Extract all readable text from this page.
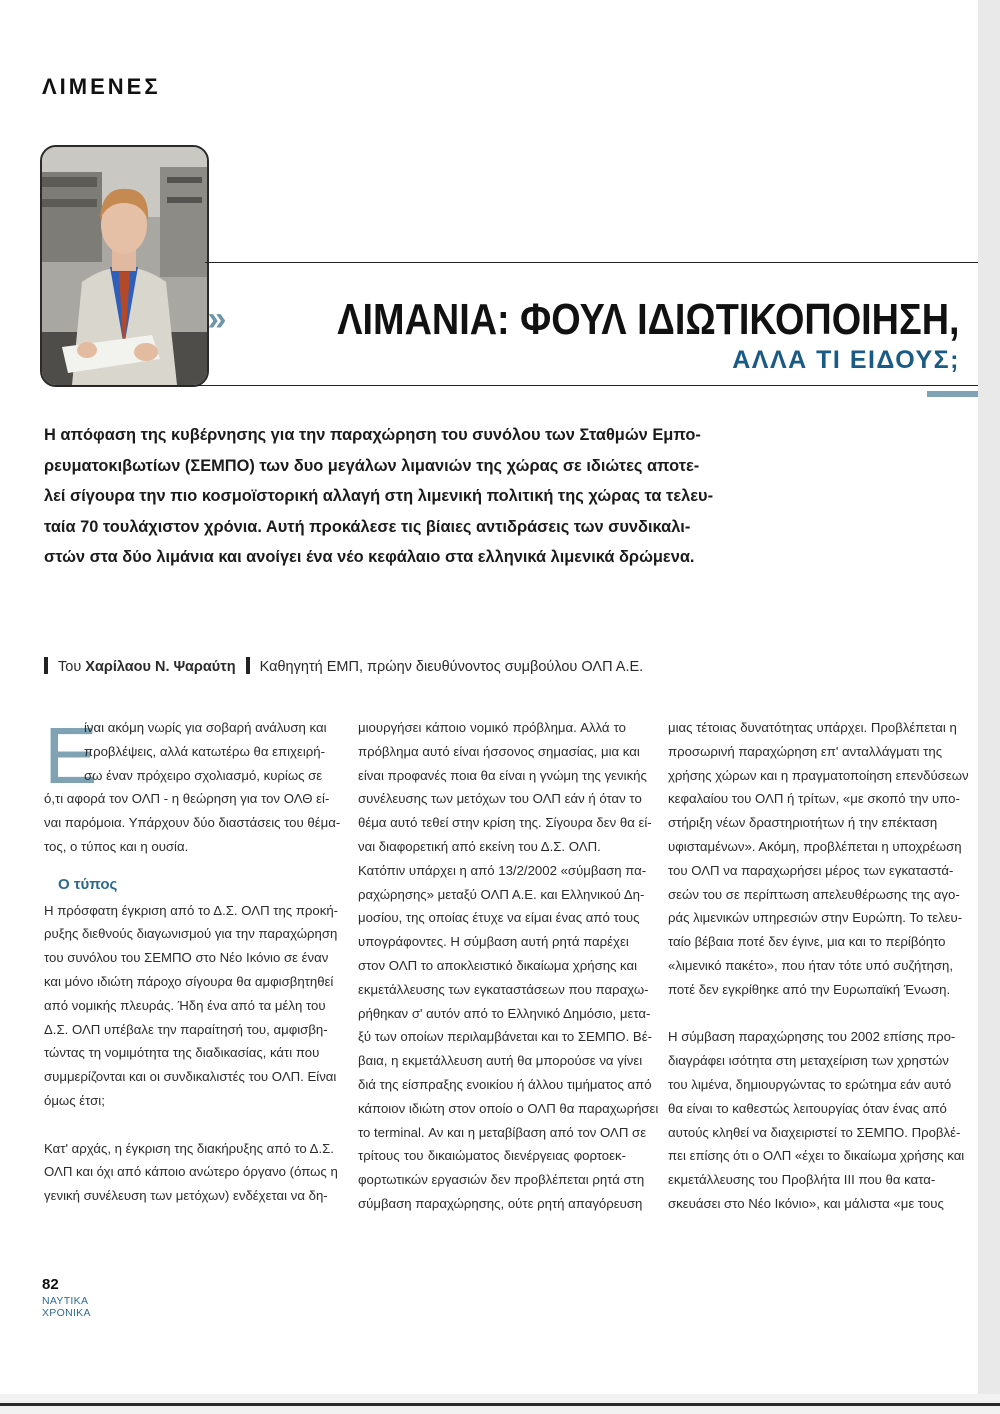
ΛΙΜΕΝΕΣ
»	ΛΙΜΑΝΙΑ: ΦΟΥΛ ΙΔΙΩΤΙΚΟΠΟΙΗΣΗ,
ΑΛΛΑ ΤΙ ΕΙΔΟΥΣ;

Η απόφαση της κυβέρνησης για την παραχώρηση του συνόλου των Σταθμών Εμπο-
ρευματοκιβωτίων (ΣΕΜΠΟ) των δυο μεγάλων λιμανιών της χώρας σε ιδιώτες αποτε-
λεί σίγουρα την πιο κοσμοϊστορική αλλαγή στη λιμενική πολιτική της χώρας τα τελευ-
ταία 70 τουλάχιστον χρόνια. Αυτή προκάλεσε τις βίαιες αντιδράσεις των συνδικαλι-
στών στα δύο λιμάνια και ανοίγει ένα νέο κεφάλαιο στα ελληνικά λιμενικά δρώμενα.

Του Χαρίλαου Ν. Ψαραύτη Καθηγητή ΕΜΠ, πρώην διευθύνοντος συμβούλου ΟΛΠ Α.Ε.

Ε
ίναι ακόμη νωρίς για σοβαρή ανάλυση και
προβλέψεις, αλλά κατωτέρω θα επιχειρή-
σω έναν πρόχειρο σχολιασμό, κυρίως σε
ό,τι αφορά τον ΟΛΠ - η θεώρηση για τον ΟΛΘ εί-
ναι παρόμοια. Υπάρχουν δύο διαστάσεις του θέμα-
τος, ο τύπος και η ουσία.
Ο τύπος
Η πρόσφατη έγκριση από το Δ.Σ. ΟΛΠ της προκή-
ρυξης διεθνούς διαγωνισμού για την παραχώρηση
του συνόλου του ΣΕΜΠΟ στο Νέο Ικόνιο σε έναν
και μόνο ιδιώτη πάροχο σίγουρα θα αμφισβητηθεί
από νομικής πλευράς. Ήδη ένα από τα μέλη του
Δ.Σ. ΟΛΠ υπέβαλε την παραίτησή του, αμφισβη-
τώντας τη νομιμότητα της διαδικασίας, κάτι που
συμμερίζονται και οι συνδικαλιστές του ΟΛΠ. Είναι
όμως έτσι;
Κατ' αρχάς, η έγκριση της διακήρυξης από το Δ.Σ.
ΟΛΠ και όχι από κάποιο ανώτερο όργανο (όπως η
γενική συνέλευση των μετόχων) ενδέχεται να δη-
μιουργήσει κάποιο νομικό πρόβλημα. Αλλά το
πρόβλημα αυτό είναι ήσσονος σημασίας, μια και
είναι προφανές ποια θα είναι η γνώμη της γενικής
συνέλευσης των μετόχων του ΟΛΠ εάν ή όταν το
θέμα αυτό τεθεί στην κρίση της. Σίγουρα δεν θα εί-
ναι διαφορετική από εκείνη του Δ.Σ. ΟΛΠ.
Κατόπιν υπάρχει η από 13/2/2002 «σύμβαση πα-
ραχώρησης» μεταξύ ΟΛΠ Α.Ε. και Ελληνικού Δη-
μοσίου, της οποίας έτυχε να είμαι ένας από τους
υπογράφοντες. Η σύμβαση αυτή ρητά παρέχει
στον ΟΛΠ το αποκλειστικό δικαίωμα χρήσης και
εκμετάλλευσης των εγκαταστάσεων που παραχω-
ρήθηκαν σ' αυτόν από το Ελληνικό Δημόσιο, μετα-
ξύ των οποίων περιλαμβάνεται και το ΣΕΜΠΟ. Βέ-
βαια, η εκμετάλλευση αυτή θα μπορούσε να γίνει
διά της είσπραξης ενοικίου ή άλλου τιμήματος από
κάποιον ιδιώτη στον οποίο ο ΟΛΠ θα παραχωρήσει
το terminal. Αν και η μεταβίβαση από τον ΟΛΠ σε
τρίτους του δικαιώματος διενέργειας φορτοεκ-
φορτωτικών εργασιών δεν προβλέπεται ρητά στη
σύμβαση παραχώρησης, ούτε ρητή απαγόρευση
μιας τέτοιας δυνατότητας υπάρχει. Προβλέπεται η
προσωρινή παραχώρηση επ' ανταλλάγματι της
χρήσης χώρων και η πραγματοποίηση επενδύσεων
κεφαλαίου του ΟΛΠ ή τρίτων, «με σκοπό την υπο-
στήριξη νέων δραστηριοτήτων ή την επέκταση
υφισταμένων». Ακόμη, προβλέπεται η υποχρέωση
του ΟΛΠ να παραχωρήσει μέρος των εγκαταστά-
σεών του σε περίπτωση απελευθέρωσης της αγο-
ράς λιμενικών υπηρεσιών στην Ευρώπη. Το τελευ-
ταίο βέβαια ποτέ δεν έγινε, μια και το περίβόητο
«λιμενικό πακέτο», που ήταν τότε υπό συζήτηση,
ποτέ δεν εγκρίθηκε από την Ευρωπαϊκή Ένωση.
Η σύμβαση παραχώρησης του 2002 επίσης προ-
διαγράφει ισότητα στη μεταχείριση των χρηστών
του λιμένα, δημιουργώντας το ερώτημα εάν αυτό
θα είναι το καθεστώς λειτουργίας όταν ένας από
αυτούς κληθεί να διαχειριστεί το ΣΕΜΠΟ. Προβλέ-
πει επίσης ότι ο ΟΛΠ «έχει το δικαίωμα χρήσης και
εκμετάλλευσης του Προβλήτα ΙΙΙ που θα κατα-
σκευάσει στο Νέο Ικόνιο», και μάλιστα «με τους

82

ΝΑΥΤΙΚΑ
ΧΡΟΝΙΚΑ
